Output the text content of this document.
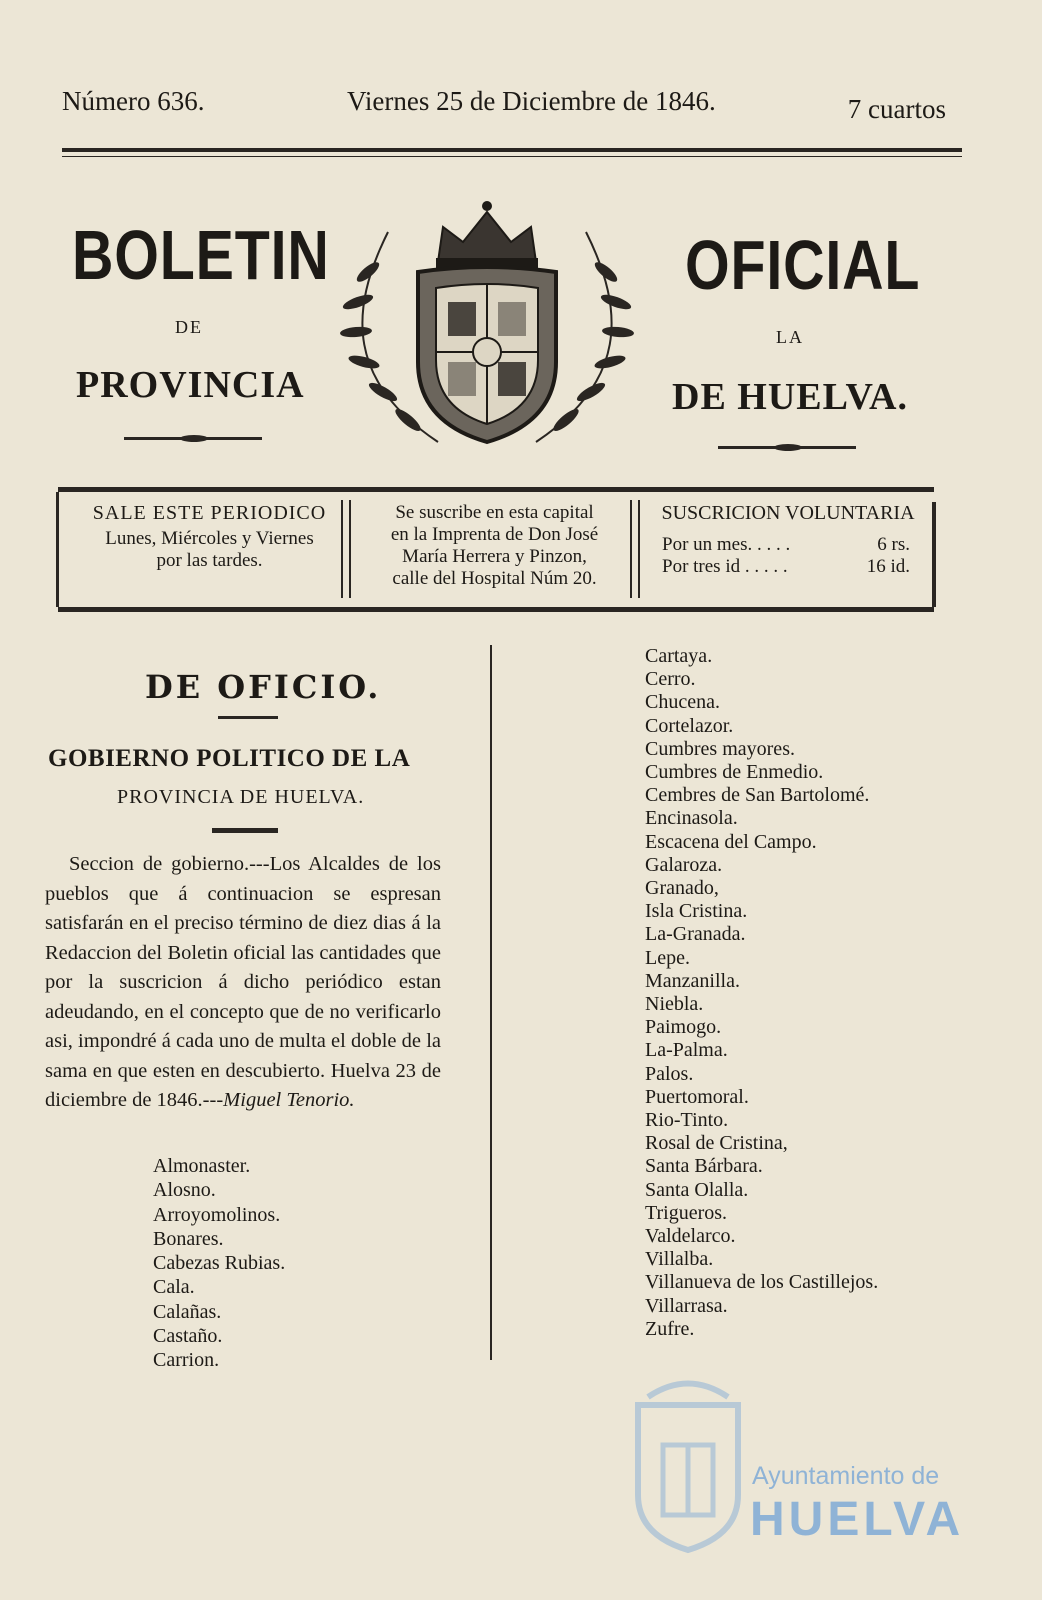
Número 636.	Viernes 25 de Diciembre de 1846.	7 cuartos
BOLETIN
DE
PROVINCIA
OFICIAL
LA
DE HUELVA.
SALE ESTE PERIODICO
Lunes, Miércoles y Viernes
por las tardes.
Se suscribe en esta capital
en la Imprenta de Don José
María Herrera y Pinzon,
calle del Hospital Núm 20.
SUSCRICION VOLUNTARIA
Por un mes. . . . .	6 rs.
Por tres id . . . . .	16 id.
DE OFICIO.
GOBIERNO POLITICO DE LA
PROVINCIA DE HUELVA.
Seccion de gobierno.---Los Alcaldes de los pueblos que á continuacion se espresan satisfarán en el preciso término de diez dias á la Redaccion del Boletin oficial las cantidades que por la suscricion á dicho periódico estan adeudando, en el concepto que de no verificarlo asi, impondré á cada uno de multa el doble de la sama en que esten en descubierto. Huelva 23 de diciembre de 1846.---Miguel Tenorio.
Almonaster.
Alosno.
Arroyomolinos.
Bonares.
Cabezas Rubias.
Cala.
Calañas.
Castaño.
Carrion.
Cartaya.
Cerro.
Chucena.
Cortelazor.
Cumbres mayores.
Cumbres de Enmedio.
Cembres de San Bartolomé.
Encinasola.
Escacena del Campo.
Galaroza.
Granado,
Isla Cristina.
La-Granada.
Lepe.
Manzanilla.
Niebla.
Paimogo.
La-Palma.
Palos.
Puertomoral.
Rio-Tinto.
Rosal de Cristina,
Santa Bárbara.
Santa Olalla.
Trigueros.
Valdelarco.
Villalba.
Villanueva de los Castillejos.
Villarrasa.
Zufre.
Ayuntamiento de
HUELVA
